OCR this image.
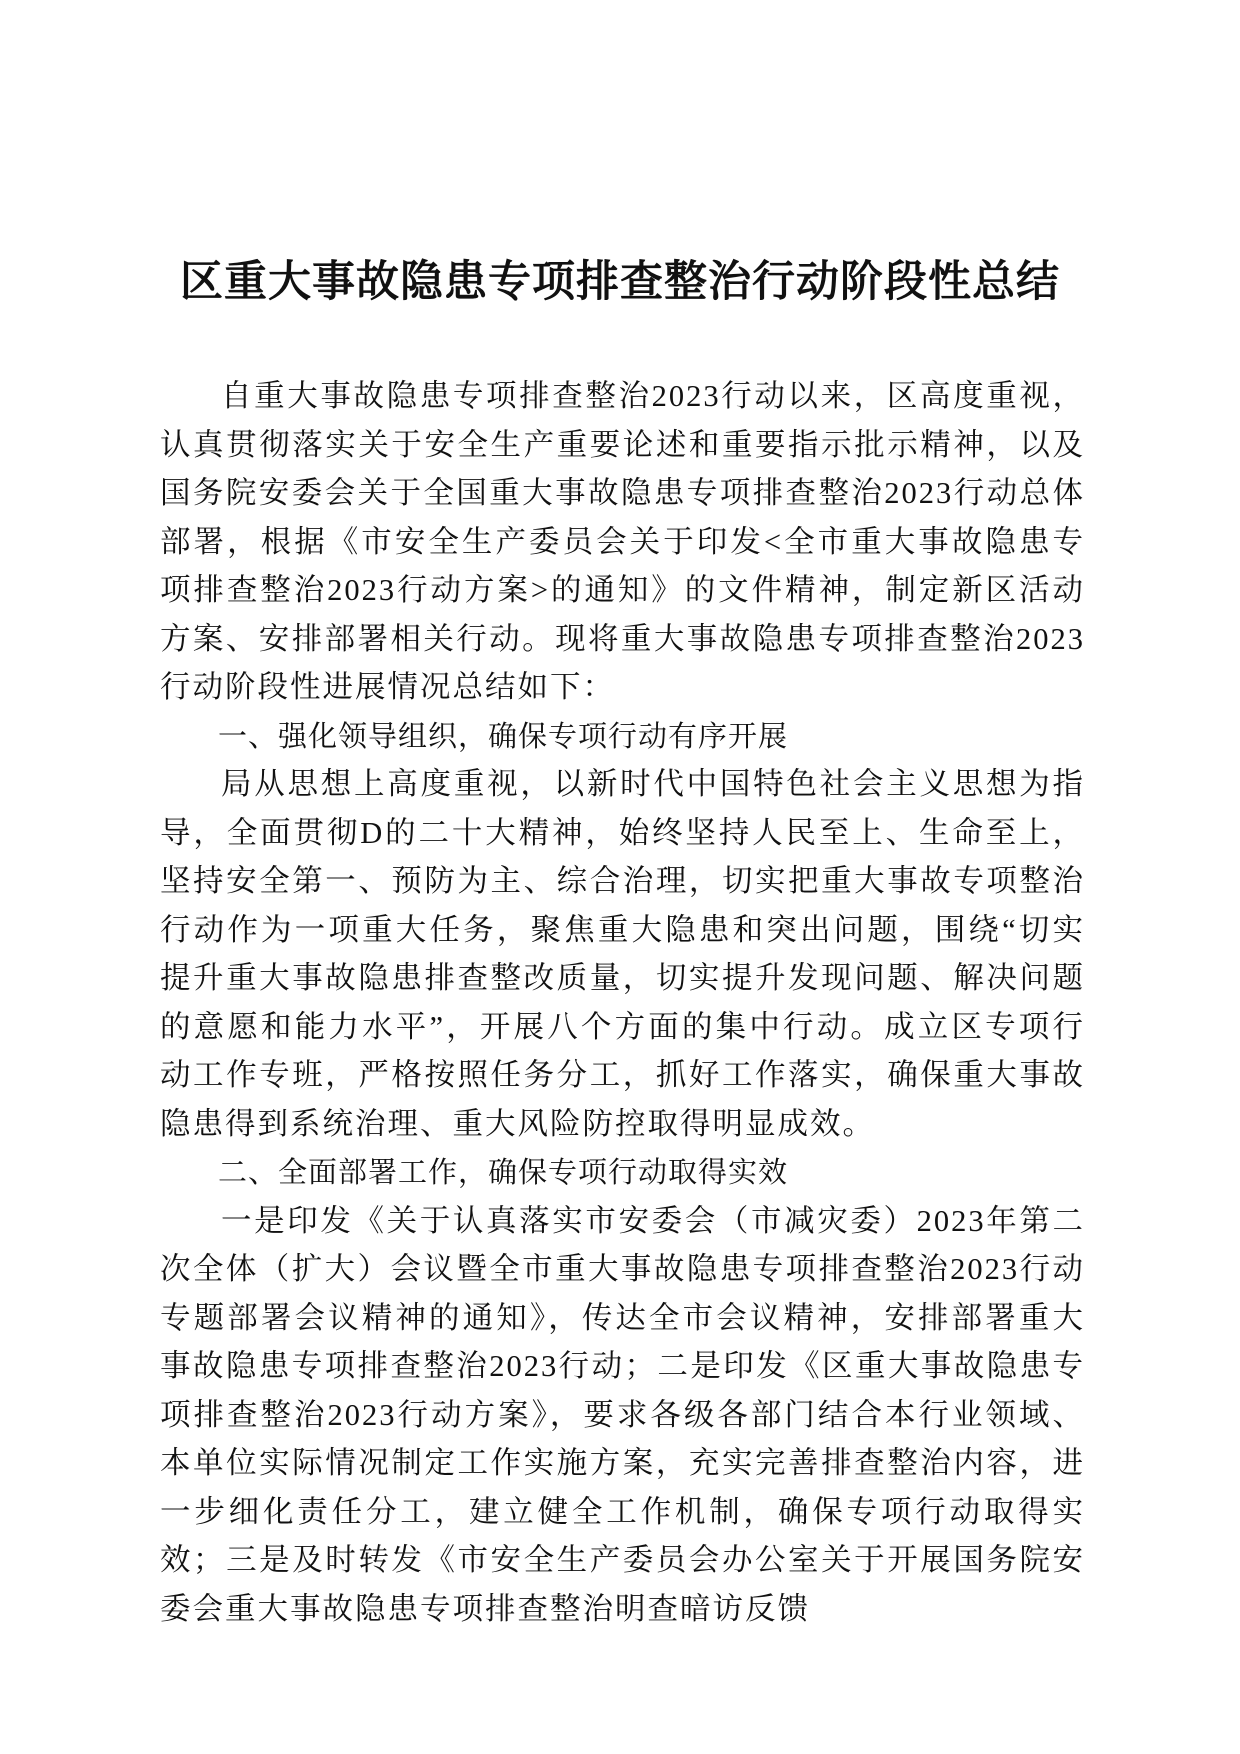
区重大事故隐患专项排查整治行动阶段性总结

自重大事故隐患专项排查整治2023行动以来，区高度重视，认真贯彻落实关于安全生产重要论述和重要指示批示精神，以及国务院安委会关于全国重大事故隐患专项排查整治2023行动总体部署，根据《市安全生产委员会关于印发<全市重大事故隐患专项排查整治2023行动方案>的通知》的文件精神，制定新区活动方案、安排部署相关行动。现将重大事故隐患专项排查整治2023行动阶段性进展情况总结如下：

一、强化领导组织，确保专项行动有序开展

局从思想上高度重视，以新时代中国特色社会主义思想为指导，全面贯彻D的二十大精神，始终坚持人民至上、生命至上，坚持安全第一、预防为主、综合治理，切实把重大事故专项整治行动作为一项重大任务，聚焦重大隐患和突出问题，围绕“切实提升重大事故隐患排查整改质量，切实提升发现问题、解决问题的意愿和能力水平”，开展八个方面的集中行动。成立区专项行动工作专班，严格按照任务分工，抓好工作落实，确保重大事故隐患得到系统治理、重大风险防控取得明显成效。

二、全面部署工作，确保专项行动取得实效

一是印发《关于认真落实市安委会（市减灾委）2023年第二次全体（扩大）会议暨全市重大事故隐患专项排查整治2023行动专题部署会议精神的通知》，传达全市会议精神，安排部署重大事故隐患专项排查整治2023行动；二是印发《区重大事故隐患专项排查整治2023行动方案》，要求各级各部门结合本行业领域、本单位实际情况制定工作实施方案，充实完善排查整治内容，进一步细化责任分工，建立健全工作机制，确保专项行动取得实效；三是及时转发《市安全生产委员会办公室关于开展国务院安委会重大事故隐患专项排查整治明查暗访反馈
